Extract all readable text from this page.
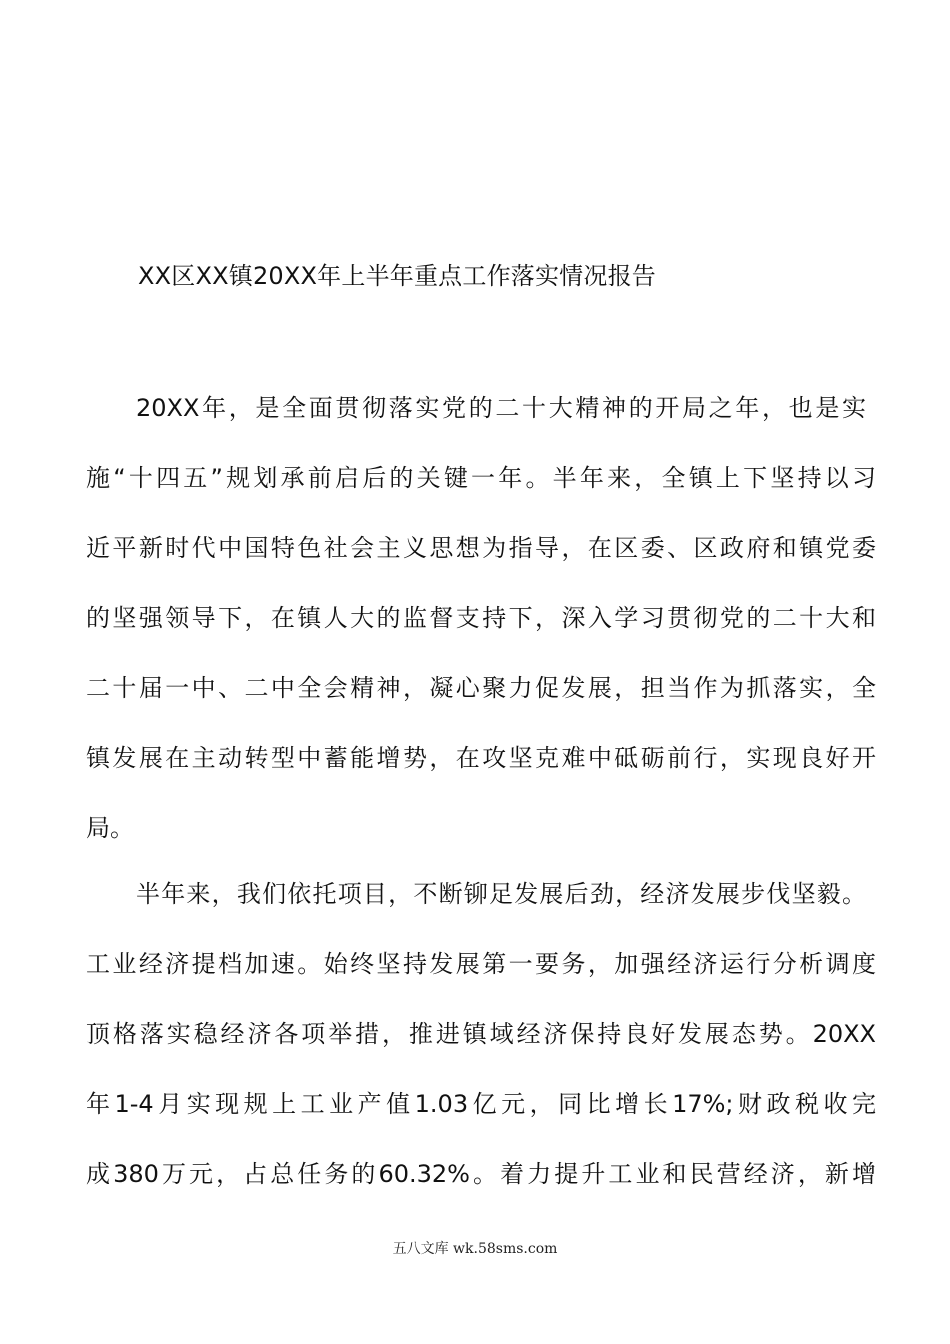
XX区XX镇20XX年上半年重点工作落实情况报告
20XX年，是全面贯彻落实党的二十大精神的开局之年，也是实
施“十四五”规划承前启后的关键一年。半年来，全镇上下坚持以习
近平新时代中国特色社会主义思想为指导，在区委、区政府和镇党委
的坚强领导下，在镇人大的监督支持下，深入学习贯彻党的二十大和
二十届一中、二中全会精神，凝心聚力促发展，担当作为抓落实，全
镇发展在主动转型中蓄能增势，在攻坚克难中砥砺前行，实现良好开
局。
半年来，我们依托项目，不断铆足发展后劲，经济发展步伐坚毅。
工业经济提档加速。始终坚持发展第一要务，加强经济运行分析调度
顶格落实稳经济各项举措，推进镇域经济保持良好发展态势。20XX
年1-4月实现规上工业产值1.03亿元，同比增长17%;财政税收完
成380万元，占总任务的60.32%。着力提升工业和民营经济，新增
五八文库 wk.58sms.com
